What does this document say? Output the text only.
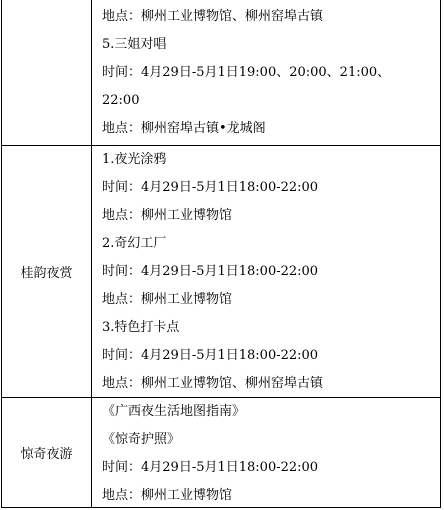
地点：柳州工业博物馆、柳州窑埠古镇
5.三姐对唱
时间：4月29日-5月1日19:00、20:00、21:00、
22:00
地点：柳州窑埠古镇•龙城阁
桂韵夜赏
1.夜光涂鸦
时间：4月29日-5月1日18:00-22:00
地点：柳州工业博物馆
2.奇幻工厂
时间：4月29日-5月1日18:00-22:00
地点：柳州工业博物馆
3.特色打卡点
时间：4月29日-5月1日18:00-22:00
地点：柳州工业博物馆、柳州窑埠古镇
惊奇夜游
《广西夜生活地图指南》
《惊奇护照》
时间：4月29日-5月1日18:00-22:00
地点：柳州工业博物馆
